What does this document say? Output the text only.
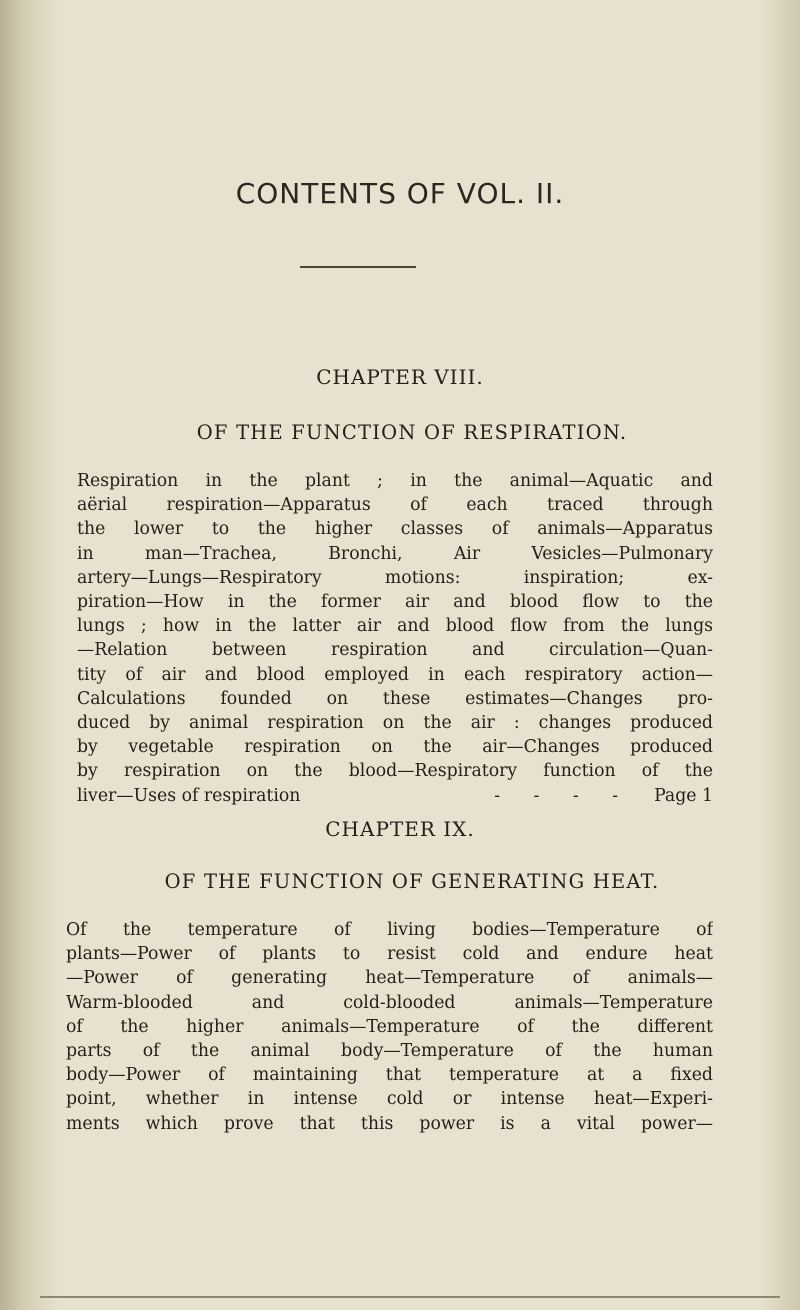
CONTENTS OF VOL. II.
CHAPTER VIII.
OF THE FUNCTION OF RESPIRATION.
Respiration in the plant ; in the animal—Aquatic and
aërial respiration—Apparatus of each traced through
the lower to the higher classes of animals—Apparatus
in man—Trachea, Bronchi, Air Vesicles—Pulmonary
artery—Lungs—Respiratory motions: inspiration; ex-
piration—How in the former air and blood flow to the
lungs ; how in the latter air and blood flow from the lungs
—Relation between respiration and circulation—Quan-
tity of air and blood employed in each respiratory action—
Calculations founded on these estimates—Changes pro-
duced by animal respiration on the air : changes produced
by vegetable respiration on the air—Changes produced
by respiration on the blood—Respiratory function of the
liver—Uses of respiration	- - - - Page 1
CHAPTER IX.
OF THE FUNCTION OF GENERATING HEAT.
Of the temperature of living bodies—Temperature of
plants—Power of plants to resist cold and endure heat
—Power of generating heat—Temperature of animals—
Warm-blooded and cold-blooded animals—Temperature
of the higher animals—Temperature of the different
parts of the animal body—Temperature of the human
body—Power of maintaining that temperature at a fixed
point, whether in intense cold or intense heat—Experi-
ments which prove that this power is a vital power—
